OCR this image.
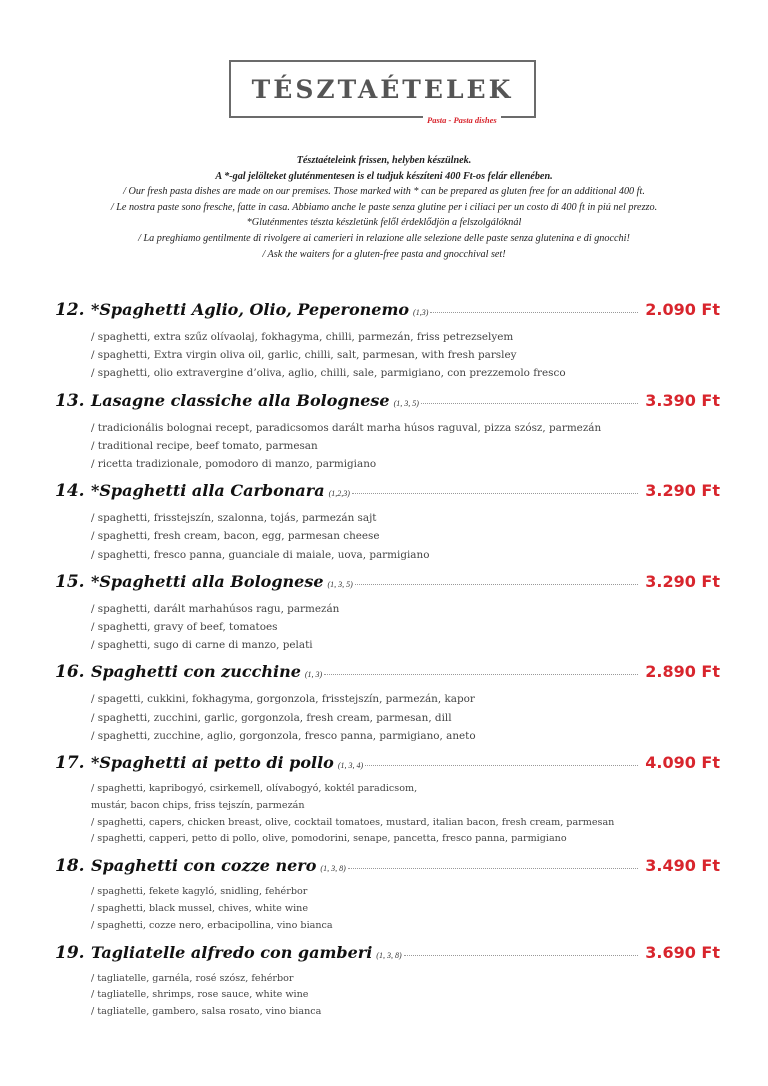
TÉSZTAÉTELEK
Pasta - Pasta dishes
Tésztaételeink frissen, helyben készülnek.
A *-gal jelölteket gluténmentesen is el tudjuk készíteni 400 Ft-os felár ellenében.
/ Our fresh pasta dishes are made on our premises. Those marked with * can be prepared as gluten free for an additional 400 ft.
/ Le nostra paste sono fresche, fatte in casa. Abbiamo anche le paste senza glutine per i ciliaci per un costo di 400 ft in piú nel prezzo.
*Gluténmentes tészta készletünk felől érdeklődjön a felszolgálóknál
/ La preghiamo gentilmente di rivolgere ai camerieri in relazione alle selezione delle paste senza glutenina e di gnocchi!
/ Ask the waiters for a gluten-free pasta and gnocchival set!
12. *Spaghetti Aglio, Olio, Peperonemo (1,3)	2.090 Ft
/ spaghetti, extra szűz olívaolaj, fokhagyma, chilli, parmezán, friss petrezselyem
/ spaghetti, Extra virgin oliva oil, garlic, chilli, salt, parmesan, with fresh parsley
/ spaghetti, olio extravergine d’oliva, aglio, chilli, sale, parmigiano, con prezzemolo fresco
13. Lasagne classiche alla Bolognese (1, 3, 5)	3.390 Ft
/ tradicionális bolognai recept, paradicsomos darált marha húsos raguval, pizza szósz, parmezán
/ traditional recipe, beef tomato, parmesan
/ ricetta tradizionale, pomodoro di manzo, parmigiano
14. *Spaghetti alla Carbonara (1,2,3)	3.290 Ft
/ spaghetti, frisstejszín, szalonna, tojás, parmezán sajt
/ spaghetti, fresh cream, bacon, egg, parmesan cheese
/ spaghetti, fresco panna, guanciale di maiale, uova, parmigiano
15. *Spaghetti alla Bolognese (1, 3, 5)	3.290 Ft
/ spaghetti, darált marhahúsos ragu, parmezán
/ spaghetti, gravy of beef, tomatoes
/ spaghetti, sugo di carne di manzo, pelati
16. Spaghetti con zucchine (1, 3)	2.890 Ft
/ spagetti, cukkini, fokhagyma, gorgonzola, frisstejszín, parmezán, kapor
/ spaghetti, zucchini, garlic, gorgonzola, fresh cream, parmesan, dill
/ spaghetti, zucchine, aglio, gorgonzola, fresco panna, parmigiano, aneto
17. *Spaghetti ai petto di pollo (1, 3, 4)	4.090 Ft
/ spaghetti, kapribogyó, csirkemell, olívabogyó, koktél paradicsom,
mustár, bacon chips, friss tejszín, parmezán
/ spaghetti, capers, chicken breast, olive, cocktail tomatoes, mustard, italian bacon, fresh cream, parmesan
/ spaghetti, capperi, petto di pollo, olive, pomodorini, senape, pancetta, fresco panna, parmigiano
18. Spaghetti con cozze nero (1, 3, 8)	3.490 Ft
/ spaghetti, fekete kagyló, snidling, fehérbor
/ spaghetti, black mussel, chives, white wine
/ spaghetti, cozze nero, erbacipollina, vino bianca
19. Tagliatelle alfredo con gamberi (1, 3, 8)	3.690 Ft
/ tagliatelle, garnéla, rosé szósz, fehérbor
/ tagliatelle, shrimps, rose sauce, white wine
/ tagliatelle, gambero, salsa rosato, vino bianca
